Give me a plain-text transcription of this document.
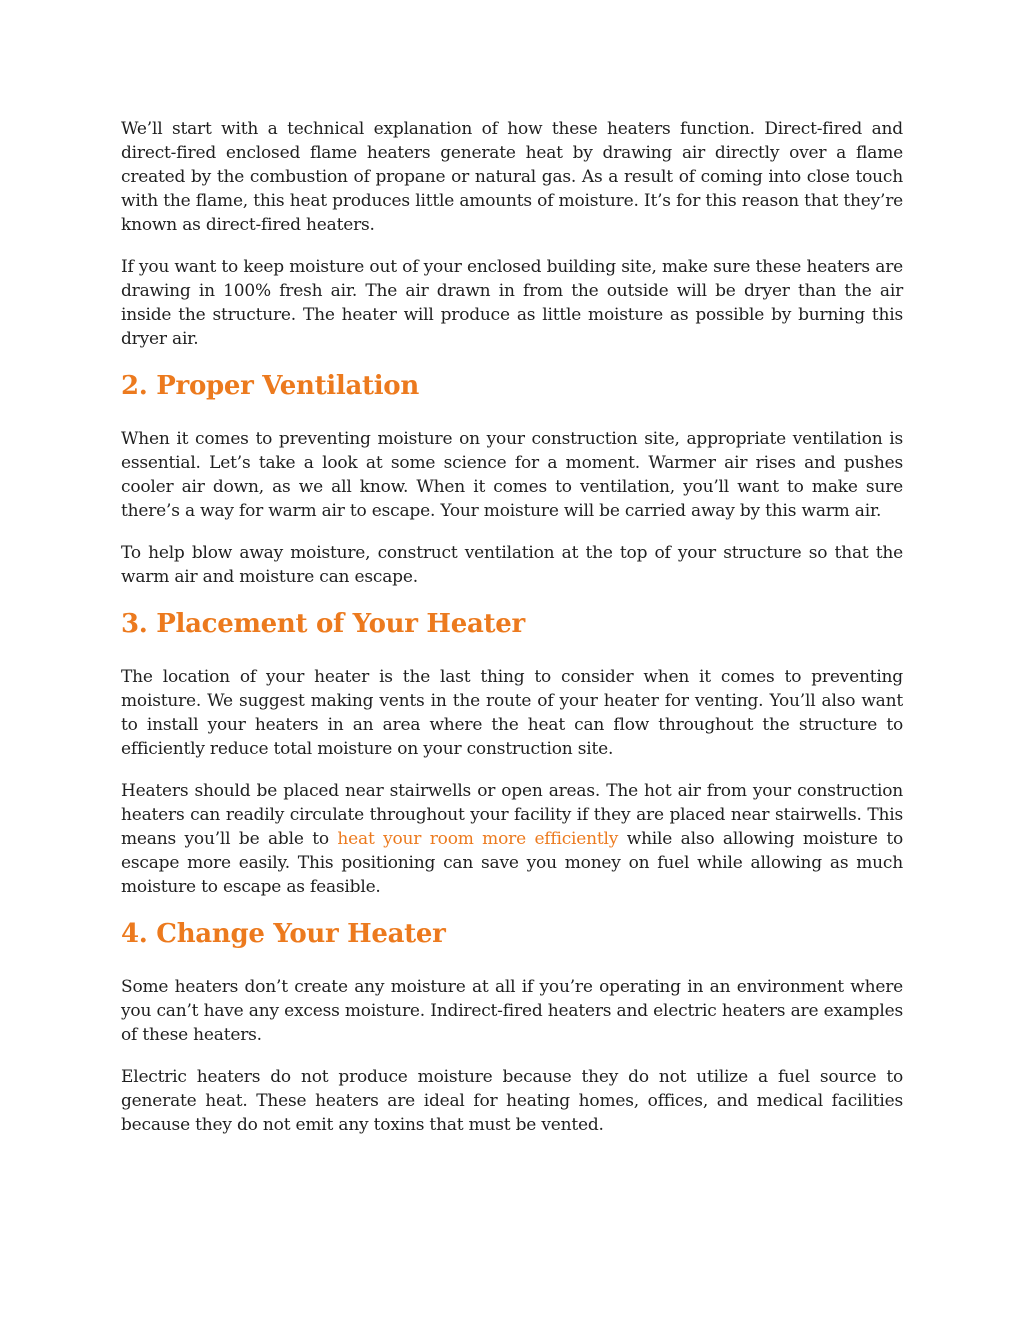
We’ll start with a technical explanation of how these heaters function. Direct-fired and direct-fired enclosed flame heaters generate heat by drawing air directly over a flame created by the combustion of propane or natural gas. As a result of coming into close touch with the flame, this heat produces little amounts of moisture. It’s for this reason that they’re known as direct-fired heaters.

If you want to keep moisture out of your enclosed building site, make sure these heaters are drawing in 100% fresh air. The air drawn in from the outside will be dryer than the air inside the structure. The heater will produce as little moisture as possible by burning this dryer air.

2. Proper Ventilation

When it comes to preventing moisture on your construction site, appropriate ventilation is essential. Let’s take a look at some science for a moment. Warmer air rises and pushes cooler air down, as we all know. When it comes to ventilation, you’ll want to make sure there’s a way for warm air to escape. Your moisture will be carried away by this warm air.

To help blow away moisture, construct ventilation at the top of your structure so that the warm air and moisture can escape.

3. Placement of Your Heater

The location of your heater is the last thing to consider when it comes to preventing moisture. We suggest making vents in the route of your heater for venting. You’ll also want to install your heaters in an area where the heat can flow throughout the structure to efficiently reduce total moisture on your construction site.

Heaters should be placed near stairwells or open areas. The hot air from your construction heaters can readily circulate throughout your facility if they are placed near stairwells. This means you’ll be able to heat your room more efficiently while also allowing moisture to escape more easily. This positioning can save you money on fuel while allowing as much moisture to escape as feasible.

4. Change Your Heater

Some heaters don’t create any moisture at all if you’re operating in an environment where you can’t have any excess moisture. Indirect-fired heaters and electric heaters are examples of these heaters.

Electric heaters do not produce moisture because they do not utilize a fuel source to generate heat. These heaters are ideal for heating homes, offices, and medical facilities because they do not emit any toxins that must be vented.
